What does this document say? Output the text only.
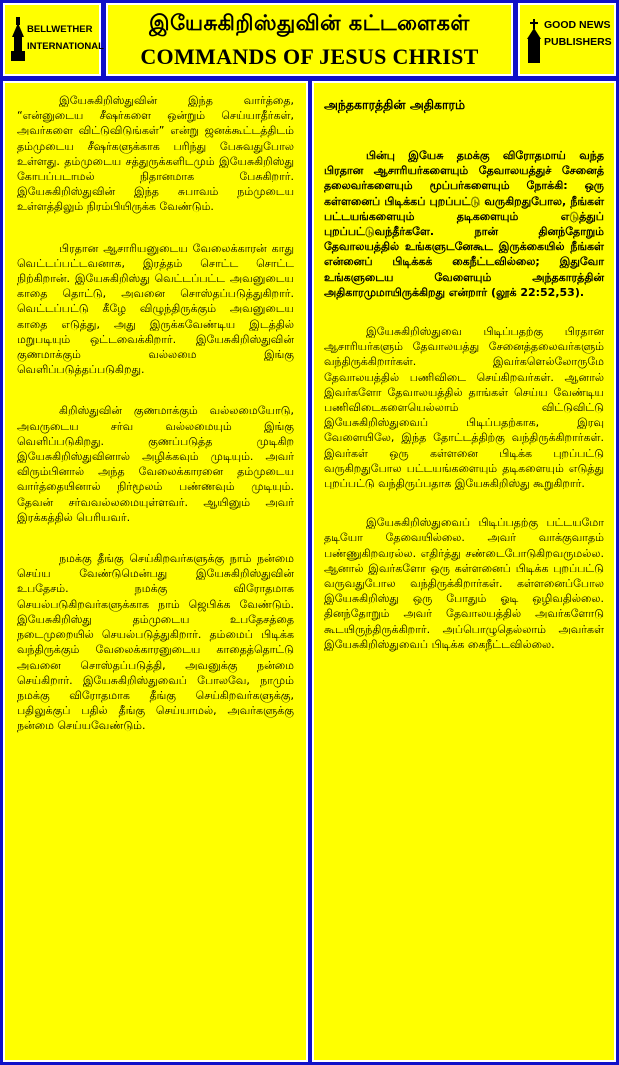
BELLWETHER
INTERNATIONAL
இயேசுகிறிஸ்துவின் கட்டளைகள்
COMMANDS OF JESUS CHRIST
GOOD NEWS
PUBLISHERS

இயேசுகிறிஸ்துவின் இந்த வார்த்தை, “என்னுடைய சீஷர்களை ஒன்றும் செய்யாதீர்கள், அவர்களை விட்டுவிடுங்கள்” என்று ஜனக்கூட்டத்திடம் தம்முடைய சீஷர்களுக்காக பரிந்து பேசுவதுபோல உள்ளது. தம்முடைய சத்துருக்களிடமும் இயேசுகிறிஸ்து கோபப்படாமல் நிதானமாக பேசுகிறார். இயேசுகிறிஸ்துவின் இந்த சுபாவம் நம்முடைய உள்ளத்திலும் நிரம்பியிருக்க வேண்டும்.

பிரதான ஆசாரியனுடைய வேலைக்காரன் காது வெட்டப்பட்டவனாக, இரத்தம் சொட்ட சொட்ட நிற்கிறான். இயேசுகிறிஸ்து வெட்டப்பட்ட அவனுடைய காதை தொட்டு, அவனை சொஸ்தப்படுத்துகிறார். வெட்டப்பட்டு கீழே விழுந்திருக்கும் அவனுடைய காதை எடுத்து, அது இருக்கவேண்டிய இடத்தில் மறுபடியும் ஒட்டவைக்கிறார். இயேசுகிறிஸ்துவின் குணமாக்கும் வல்லமை இங்கு வெளிப்படுத்தப்படுகிறது.

கிறிஸ்துவின் குணமாக்கும் வல்லமையோடு, அவருடைய சர்வ வல்லமையும் இங்கு வெளிப்படுகிறது. குணப்படுத்த முடிகிற இயேசுகிறிஸ்துவினால் அழிக்கவும் முடியும். அவர் விரும்பினால் அந்த வேலைக்காரனை தம்முடைய வார்த்தையினால் நிர்மூலம் பண்ணவும் முடியும். தேவன் சர்வவல்லமையுள்ளவர். ஆயினும் அவர் இரக்கத்தில் பெரியவர்.

நமக்கு தீங்கு செய்கிறவர்களுக்கு நாம் நன்மை செய்ய வேண்டுமென்பது இயேசுகிறிஸ்துவின் உபதேசம். நமக்கு விரோதமாக செயல்படுகிறவர்களுக்காக நாம் ஜெபிக்க வேண்டும். இயேசுகிறிஸ்து தம்முடைய உபதேசத்தை நடைமுறையில் செயல்படுத்துகிறார். தம்மைப் பிடிக்க வந்திருக்கும் வேலைக்காரனுடைய காதைத்தொட்டு அவனை சொஸ்தப்படுத்தி, அவனுக்கு நன்மை செய்கிறார். இயேசுகிறிஸ்துவைப் போலவே, நாமும் நமக்கு விரோதமாக தீங்கு செய்கிறவர்களுக்கு, பதிலுக்குப் பதில் தீங்கு செய்யாமல், அவர்களுக்கு நன்மை செய்யவேண்டும்.

அந்தகாரத்தின் அதிகாரம்

பின்பு இயேசு தமக்கு விரோதமாய் வந்த பிரதான ஆசாரியர்களையும் தேவாலயத்துச் சேனைத் தலைவர்களையும் மூப்பர்களையும் நோக்கி: ஒரு கள்ளனைப் பிடிக்கப் புறப்பட்டு வருகிறதுபோல, நீங்கள் பட்டயங்களையும் தடிகளையும் எடுத்துப் புறப்பட்டுவந்தீர்களே. நான் தினந்தோறும் தேவாலயத்தில் உங்களுடனேகூட இருக்கையில் நீங்கள் என்னைப் பிடிக்கக் கைநீட்டவில்லை; இதுவோ உங்களுடைய வேளையும் அந்தகாரத்தின் அதிகாரமுமாயிருக்கிறது என்றார் (லூக் 22:52,53).

இயேசுகிறிஸ்துவை பிடிப்பதற்கு பிரதான ஆசாரியர்களும் தேவாலயத்து சேனைத்தலைவர்களும் வந்திருக்கிறார்கள். இவர்களெல்லோருமே தேவாலயத்தில் பணிவிடை செய்கிறவர்கள். ஆனால் இவர்களோ தேவாலயத்தில் தாங்கள் செய்ய வேண்டிய பணிவிடைகளையெல்லாம் விட்டுவிட்டு இயேசுகிறிஸ்துவைப் பிடிப்பதற்காக, இரவு வேளையிலே, இந்த தோட்டத்திற்கு வந்திருக்கிறார்கள். இவர்கள் ஒரு கள்ளனை பிடிக்க புறப்பட்டு வருகிறதுபோல பட்டயங்களையும் தடிகளையும் எடுத்து புறப்பட்டு வந்திருப்பதாக இயேசுகிறிஸ்து கூறுகிறார்.

இயேசுகிறிஸ்துவைப் பிடிப்பதற்கு பட்டயமோ தடியோ தேவையில்லை. அவர் வாக்குவாதம் பண்ணுகிறவரல்ல. எதிர்த்து சண்டைபோடுகிறவருமல்ல. ஆனால் இவர்களோ ஒரு கள்ளனைப் பிடிக்க புறப்பட்டு வருவதுபோல வந்திருக்கிறார்கள். கள்ளனைப்போல இயேசுகிறிஸ்து ஒரு போதும் ஓடி ஒழிவதில்லை. தினந்தோறும் அவர் தேவாலயத்தில் அவர்களோடு கூடயிருந்திருக்கிறார். அப்பொழுதெல்லாம் அவர்கள் இயேசுகிறிஸ்துவைப் பிடிக்க கைநீட்டவில்லை.
